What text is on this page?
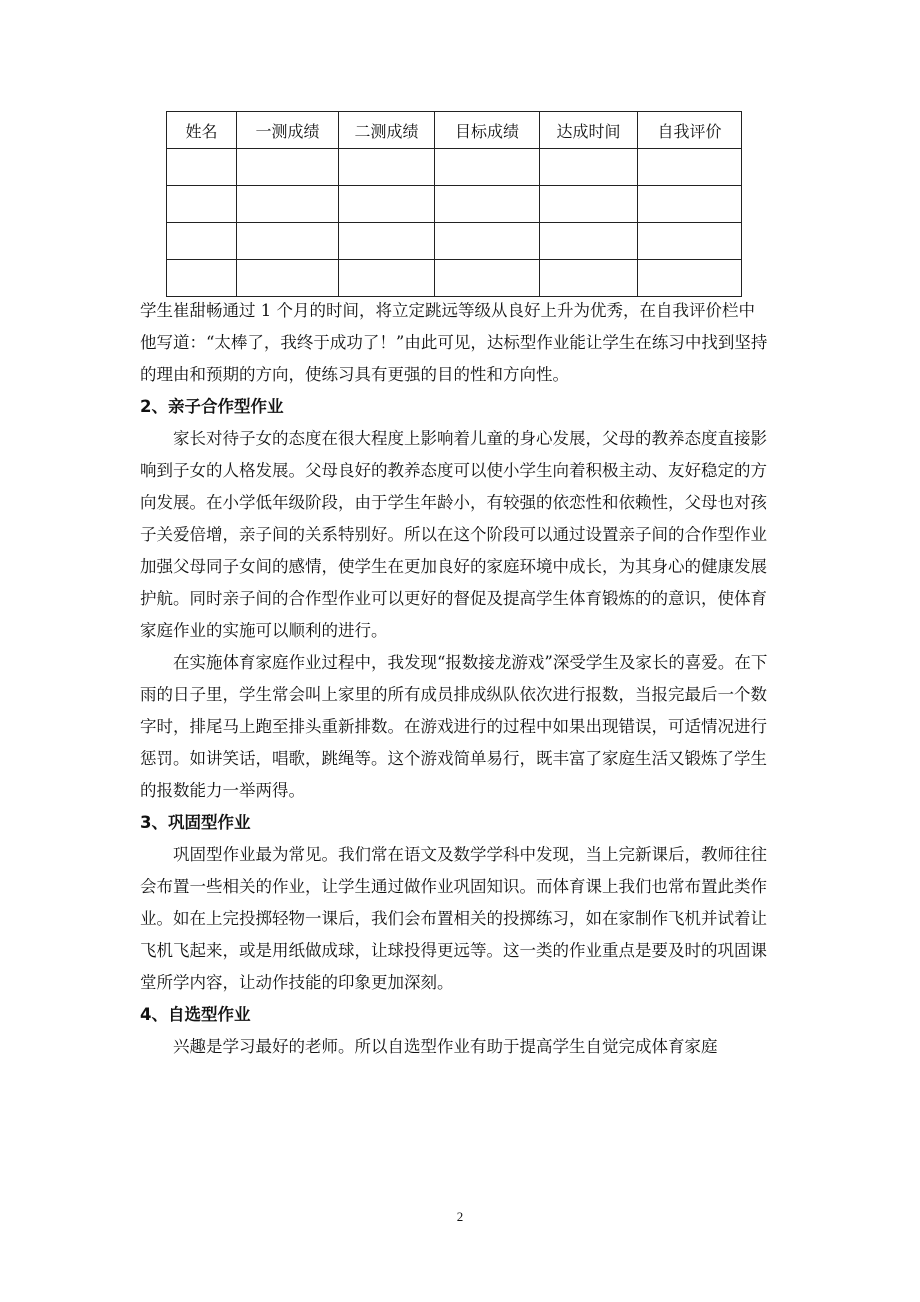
姓名	一测成绩	二测成绩	目标成绩	达成时间	自我评价

学生崔甜畅通过 1 个月的时间，将立定跳远等级从良好上升为优秀，在自我评价栏中他写道：“太棒了，我终于成功了！”由此可见，达标型作业能让学生在练习中找到坚持的理由和预期的方向，使练习具有更强的目的性和方向性。

2、亲子合作型作业

家长对待子女的态度在很大程度上影响着儿童的身心发展，父母的教养态度直接影响到子女的人格发展。父母良好的教养态度可以使小学生向着积极主动、友好稳定的方向发展。在小学低年级阶段，由于学生年龄小，有较强的依恋性和依赖性，父母也对孩子关爱倍增，亲子间的关系特别好。所以在这个阶段可以通过设置亲子间的合作型作业加强父母同子女间的感情，使学生在更加良好的家庭环境中成长，为其身心的健康发展护航。同时亲子间的合作型作业可以更好的督促及提高学生体育锻炼的的意识，使体育家庭作业的实施可以顺利的进行。

在实施体育家庭作业过程中，我发现“报数接龙游戏”深受学生及家长的喜爱。在下雨的日子里，学生常会叫上家里的所有成员排成纵队依次进行报数，当报完最后一个数字时，排尾马上跑至排头重新排数。在游戏进行的过程中如果出现错误，可适情况进行惩罚。如讲笑话，唱歌，跳绳等。这个游戏简单易行，既丰富了家庭生活又锻炼了学生的报数能力一举两得。

3、巩固型作业

巩固型作业最为常见。我们常在语文及数学学科中发现，当上完新课后，教师往往会布置一些相关的作业，让学生通过做作业巩固知识。而体育课上我们也常布置此类作业。如在上完投掷轻物一课后，我们会布置相关的投掷练习，如在家制作飞机并试着让飞机飞起来，或是用纸做成球，让球投得更远等。这一类的作业重点是要及时的巩固课堂所学内容，让动作技能的印象更加深刻。

4、自选型作业

兴趣是学习最好的老师。所以自选型作业有助于提高学生自觉完成体育家庭

2
